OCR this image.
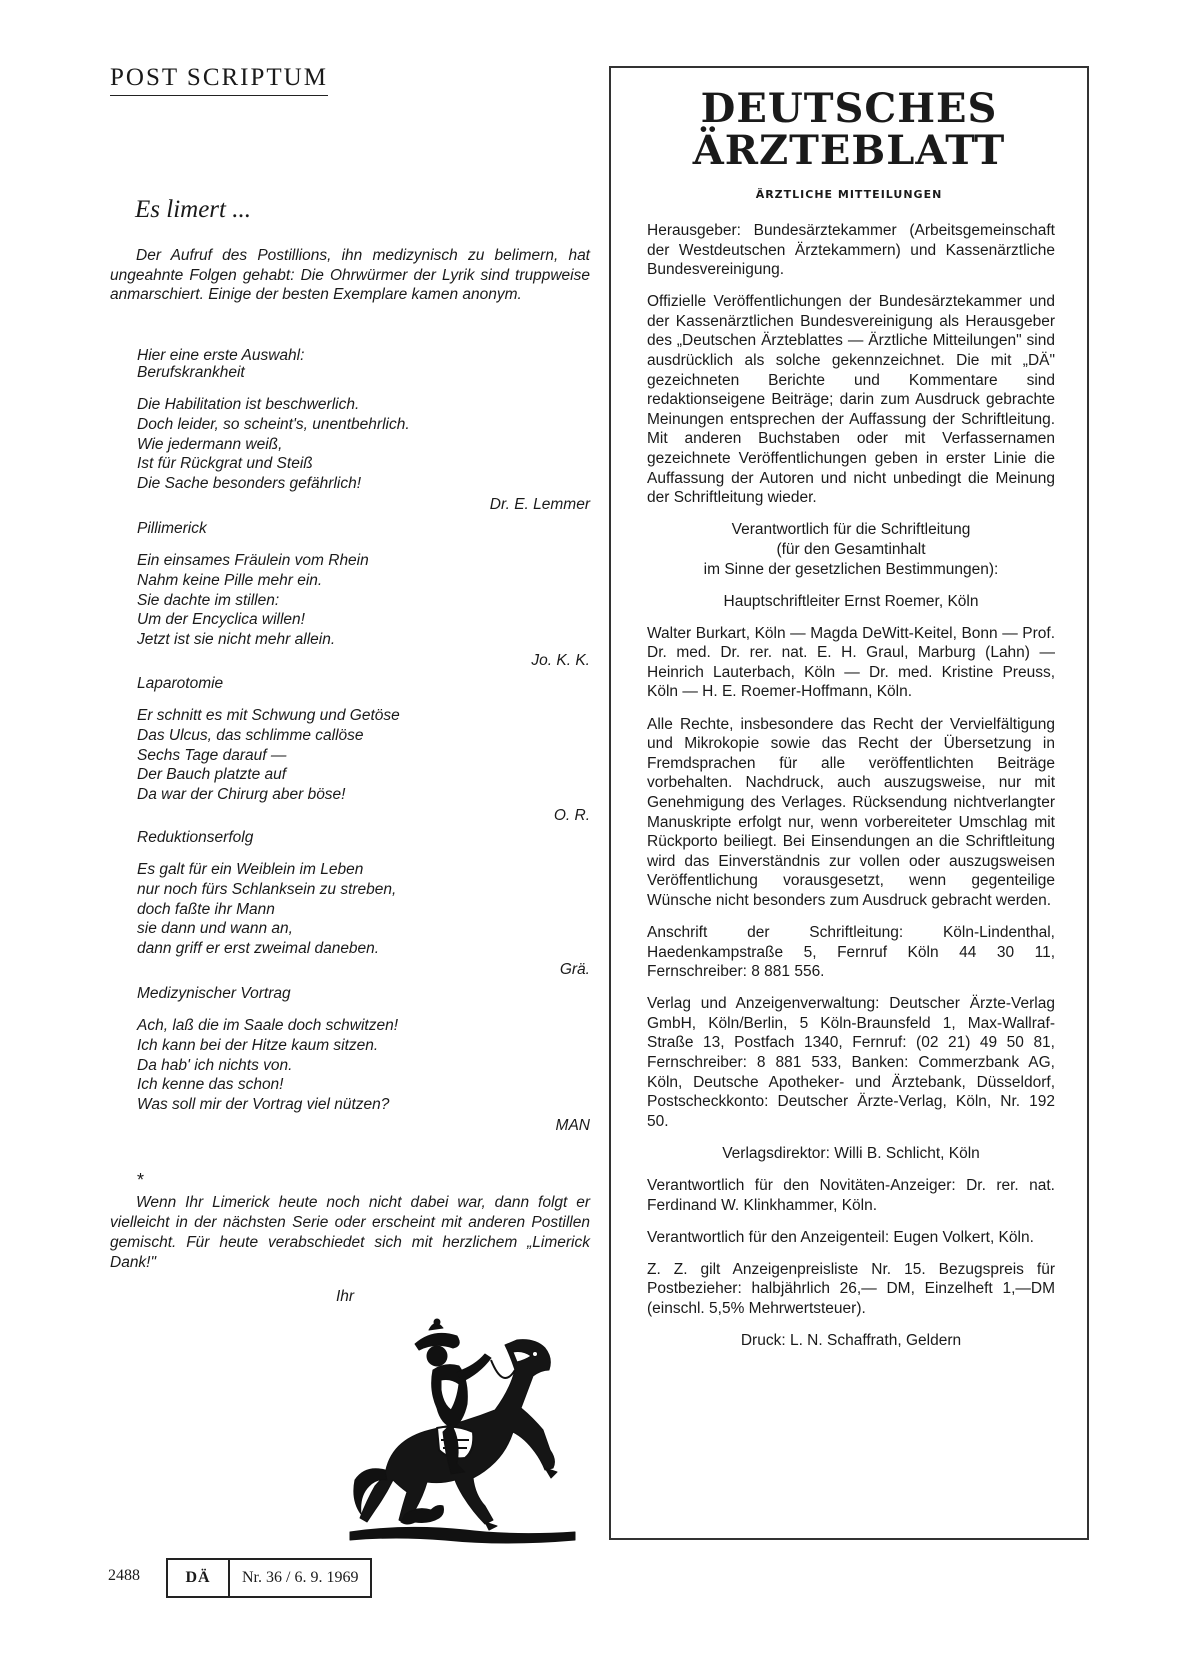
POST SCRIPTUM
Es limert ...

Der Aufruf des Postillions, ihn medizynisch zu belimern, hat ungeahnte Folgen gehabt: Die Ohrwürmer der Lyrik sind truppweise anmarschiert. Einige der besten Exemplare kamen anonym.

Hier eine erste Auswahl:
Berufskrankheit
Die Habilitation ist beschwerlich.
Doch leider, so scheint's, unentbehrlich.
Wie jedermann weiß,
Ist für Rückgrat und Steiß
Die Sache besonders gefährlich!
Dr. E. Lemmer
Pillimerick
Ein einsames Fräulein vom Rhein
Nahm keine Pille mehr ein.
Sie dachte im stillen:
Um der Encyclica willen!
Jetzt ist sie nicht mehr allein.
Jo. K. K.
Laparotomie
Er schnitt es mit Schwung und Getöse
Das Ulcus, das schlimme callöse
Sechs Tage darauf —
Der Bauch platzte auf
Da war der Chirurg aber böse!
O. R.
Reduktionserfolg
Es galt für ein Weiblein im Leben
nur noch fürs Schlanksein zu streben,
doch faßte ihr Mann
sie dann und wann an,
dann griff er erst zweimal daneben.
Grä.
Medizynischer Vortrag
Ach, laß die im Saale doch schwitzen!
Ich kann bei der Hitze kaum sitzen.
Da hab' ich nichts von.
Ich kenne das schon!
Was soll mir der Vortrag viel nützen?
MAN
*

Wenn Ihr Limerick heute noch nicht dabei war, dann folgt er vielleicht in der nächsten Serie oder erscheint mit anderen Postillen gemischt. Für heute verabschiedet sich mit herzlichem „Limerick Dank!"

Ihr
2488	DÄ	Nr. 36 / 6. 9. 1969
DEUTSCHES
ÄRZTEBLATT
ÄRZTLICHE MITTEILUNGEN

Herausgeber: Bundesärztekammer (Arbeitsgemeinschaft der Westdeutschen Ärztekammern) und Kassenärztliche Bundesvereinigung.

Offizielle Veröffentlichungen der Bundesärztekammer und der Kassenärztlichen Bundesvereinigung als Herausgeber des „Deutschen Ärzteblattes — Ärztliche Mitteilungen" sind ausdrücklich als solche gekennzeichnet. Die mit „DÄ" gezeichneten Berichte und Kommentare sind redaktionseigene Beiträge; darin zum Ausdruck gebrachte Meinungen entsprechen der Auffassung der Schriftleitung. Mit anderen Buchstaben oder mit Verfassernamen gezeichnete Veröffentlichungen geben in erster Linie die Auffassung der Autoren und nicht unbedingt die Meinung der Schriftleitung wieder.

Verantwortlich für die Schriftleitung
(für den Gesamtinhalt
im Sinne der gesetzlichen Bestimmungen):

Hauptschriftleiter Ernst Roemer, Köln

Walter Burkart, Köln — Magda DeWitt-Keitel, Bonn — Prof. Dr. med. Dr. rer. nat. E. H. Graul, Marburg (Lahn) — Heinrich Lauterbach, Köln — Dr. med. Kristine Preuss, Köln — H. E. Roemer-Hoffmann, Köln.

Alle Rechte, insbesondere das Recht der Vervielfältigung und Mikrokopie sowie das Recht der Übersetzung in Fremdsprachen für alle veröffentlichten Beiträge vorbehalten. Nachdruck, auch auszugsweise, nur mit Genehmigung des Verlages. Rücksendung nichtverlangter Manuskripte erfolgt nur, wenn vorbereiteter Umschlag mit Rückporto beiliegt. Bei Einsendungen an die Schriftleitung wird das Einverständnis zur vollen oder auszugsweisen Veröffentlichung vorausgesetzt, wenn gegenteilige Wünsche nicht besonders zum Ausdruck gebracht werden.

Anschrift der Schriftleitung: Köln-Lindenthal, Haedenkampstraße 5, Fernruf Köln 44 30 11, Fernschreiber: 8 881 556.

Verlag und Anzeigenverwaltung: Deutscher Ärzte-Verlag GmbH, Köln/Berlin, 5 Köln-Braunsfeld 1, Max-Wallraf-Straße 13, Postfach 1340, Fernruf: (02 21) 49 50 81, Fernschreiber: 8 881 533, Banken: Commerzbank AG, Köln, Deutsche Apotheker- und Ärztebank, Düsseldorf, Postscheckkonto: Deutscher Ärzte-Verlag, Köln, Nr. 192 50.

Verlagsdirektor: Willi B. Schlicht, Köln

Verantwortlich für den Novitäten-Anzeiger: Dr. rer. nat. Ferdinand W. Klinkhammer, Köln.

Verantwortlich für den Anzeigenteil: Eugen Volkert, Köln.

Z. Z. gilt Anzeigenpreisliste Nr. 15. Bezugspreis für Postbezieher: halbjährlich 26,— DM, Einzelheft 1,—DM (einschl. 5,5% Mehrwertsteuer).

Druck: L. N. Schaffrath, Geldern
